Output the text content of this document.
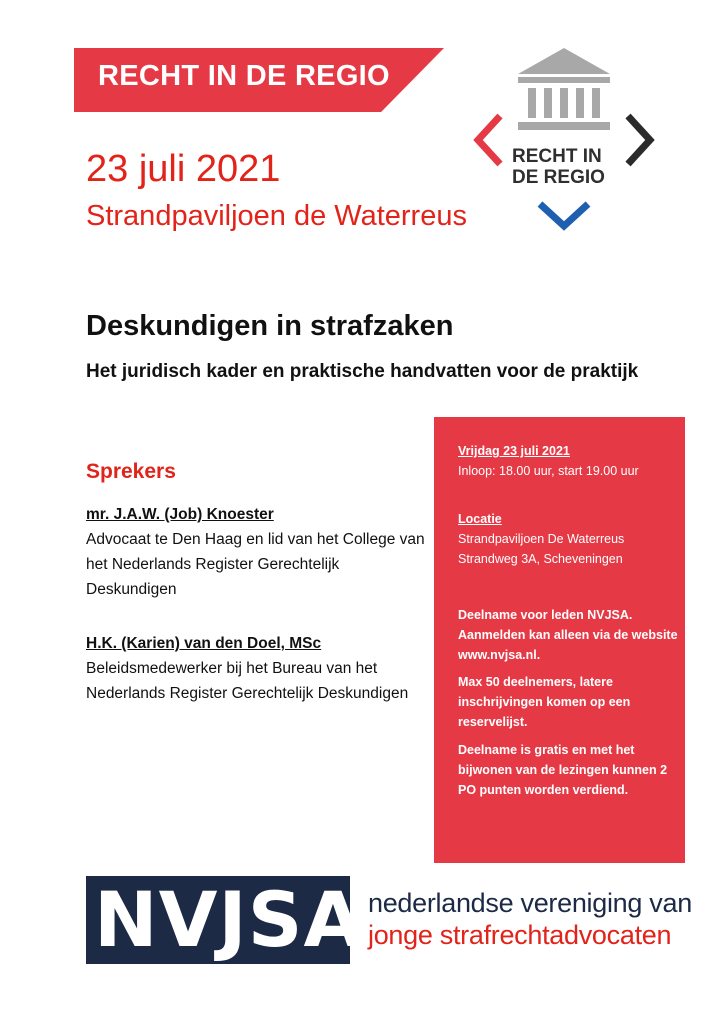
RECHT IN DE REGIO
23 juli 2021
Strandpaviljoen de Waterreus
RECHT IN
DE REGIO
Deskundigen in strafzaken
Het juridisch kader en praktische handvatten voor de praktijk
Sprekers
mr. J.A.W. (Job) Knoester
Advocaat te Den Haag en lid van het College van het Nederlands Register Gerechtelijk Deskundigen
H.K. (Karien) van den Doel, MSc
Beleidsmedewerker bij het Bureau van het Nederlands Register Gerechtelijk Deskundigen
Vrijdag 23 juli 2021
Inloop: 18.00 uur, start 19.00 uur
Locatie
Strandpaviljoen De Waterreus
Strandweg 3A, Scheveningen
Deelname voor leden NVJSA. Aanmelden kan alleen via de website www.nvjsa.nl.
Max 50 deelnemers, latere inschrijvingen komen op een reservelijst.
Deelname is gratis en met het bijwonen van de lezingen kunnen 2 PO punten worden verdiend.
NVJSA nederlandse vereniging van
jonge strafrechtadvocaten
